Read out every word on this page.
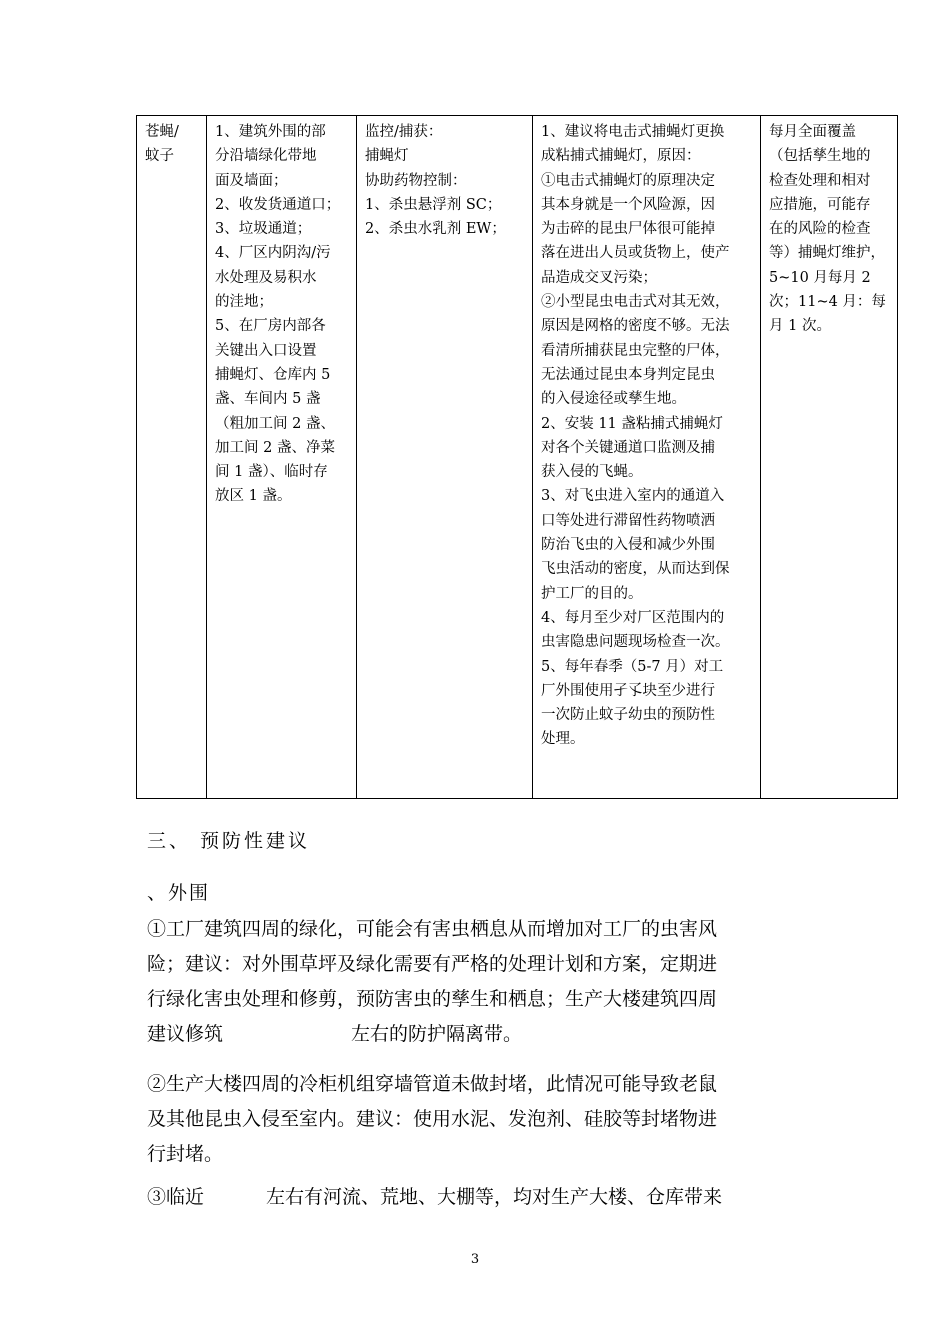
苍蝇/
蚊子

1、建筑外围的部
分沿墙绿化带地
面及墙面；
2、收发货通道口；
3、垃圾通道；
4、厂区内阴沟/污
水处理及易积水
的洼地；
5、在厂房内部各
关键出入口设置
捕蝇灯、仓库内 5
盏、车间内 5 盏
（粗加工间 2 盏、
加工间 2 盏、净菜
间 1 盏）、临时存
放区 1 盏。

监控/捕获：
捕蝇灯
协助药物控制：
1、杀虫悬浮剂 SC；
2、杀虫水乳剂 EW；

1、建议将电击式捕蝇灯更换
成粘捕式捕蝇灯，原因：
①电击式捕蝇灯的原理决定
其本身就是一个风险源，因
为击碎的昆虫尸体很可能掉
落在进出人员或货物上，使产
品造成交叉污染；
②小型昆虫电击式对其无效，
原因是网格的密度不够。无法
看清所捕获昆虫完整的尸体，
无法通过昆虫本身判定昆虫
的入侵途径或孳生地。
2、安装 11 盏粘捕式捕蝇灯
对各个关键通道口监测及捕
获入侵的飞蝇。
3、对飞虫进入室内的通道入
口等处进行滞留性药物喷洒
防治飞虫的入侵和减少外围
飞虫活动的密度，从而达到保
护工厂的目的。
4、每月至少对厂区范围内的
虫害隐患问题现场检查一次。
5、每年春季（5-7 月）对工
厂外围使用孑孓块至少进行
一次防止蚊子幼虫的预防性
处理。

每月全面覆盖
（包括孳生地的
检查处理和相对
应措施，可能存
在的风险的检查
等）捕蝇灯维护，
5~10 月每月 2
次；11~4 月：每
月 1 次。
三、 预防性建议
、外围
①工厂建筑四周的绿化，可能会有害虫栖息从而增加对工厂的虫害风
险；建议：对外围草坪及绿化需要有严格的处理计划和方案，定期进
行绿化害虫处理和修剪，预防害虫的孳生和栖息；生产大楼建筑四周
建议修筑	左右的防护隔离带。
②生产大楼四周的冷柜机组穿墙管道未做封堵，此情况可能导致老鼠
及其他昆虫入侵至室内。建议：使用水泥、发泡剂、硅胶等封堵物进
行封堵。
③临近	左右有河流、荒地、大棚等，均对生产大楼、仓库带来
3
